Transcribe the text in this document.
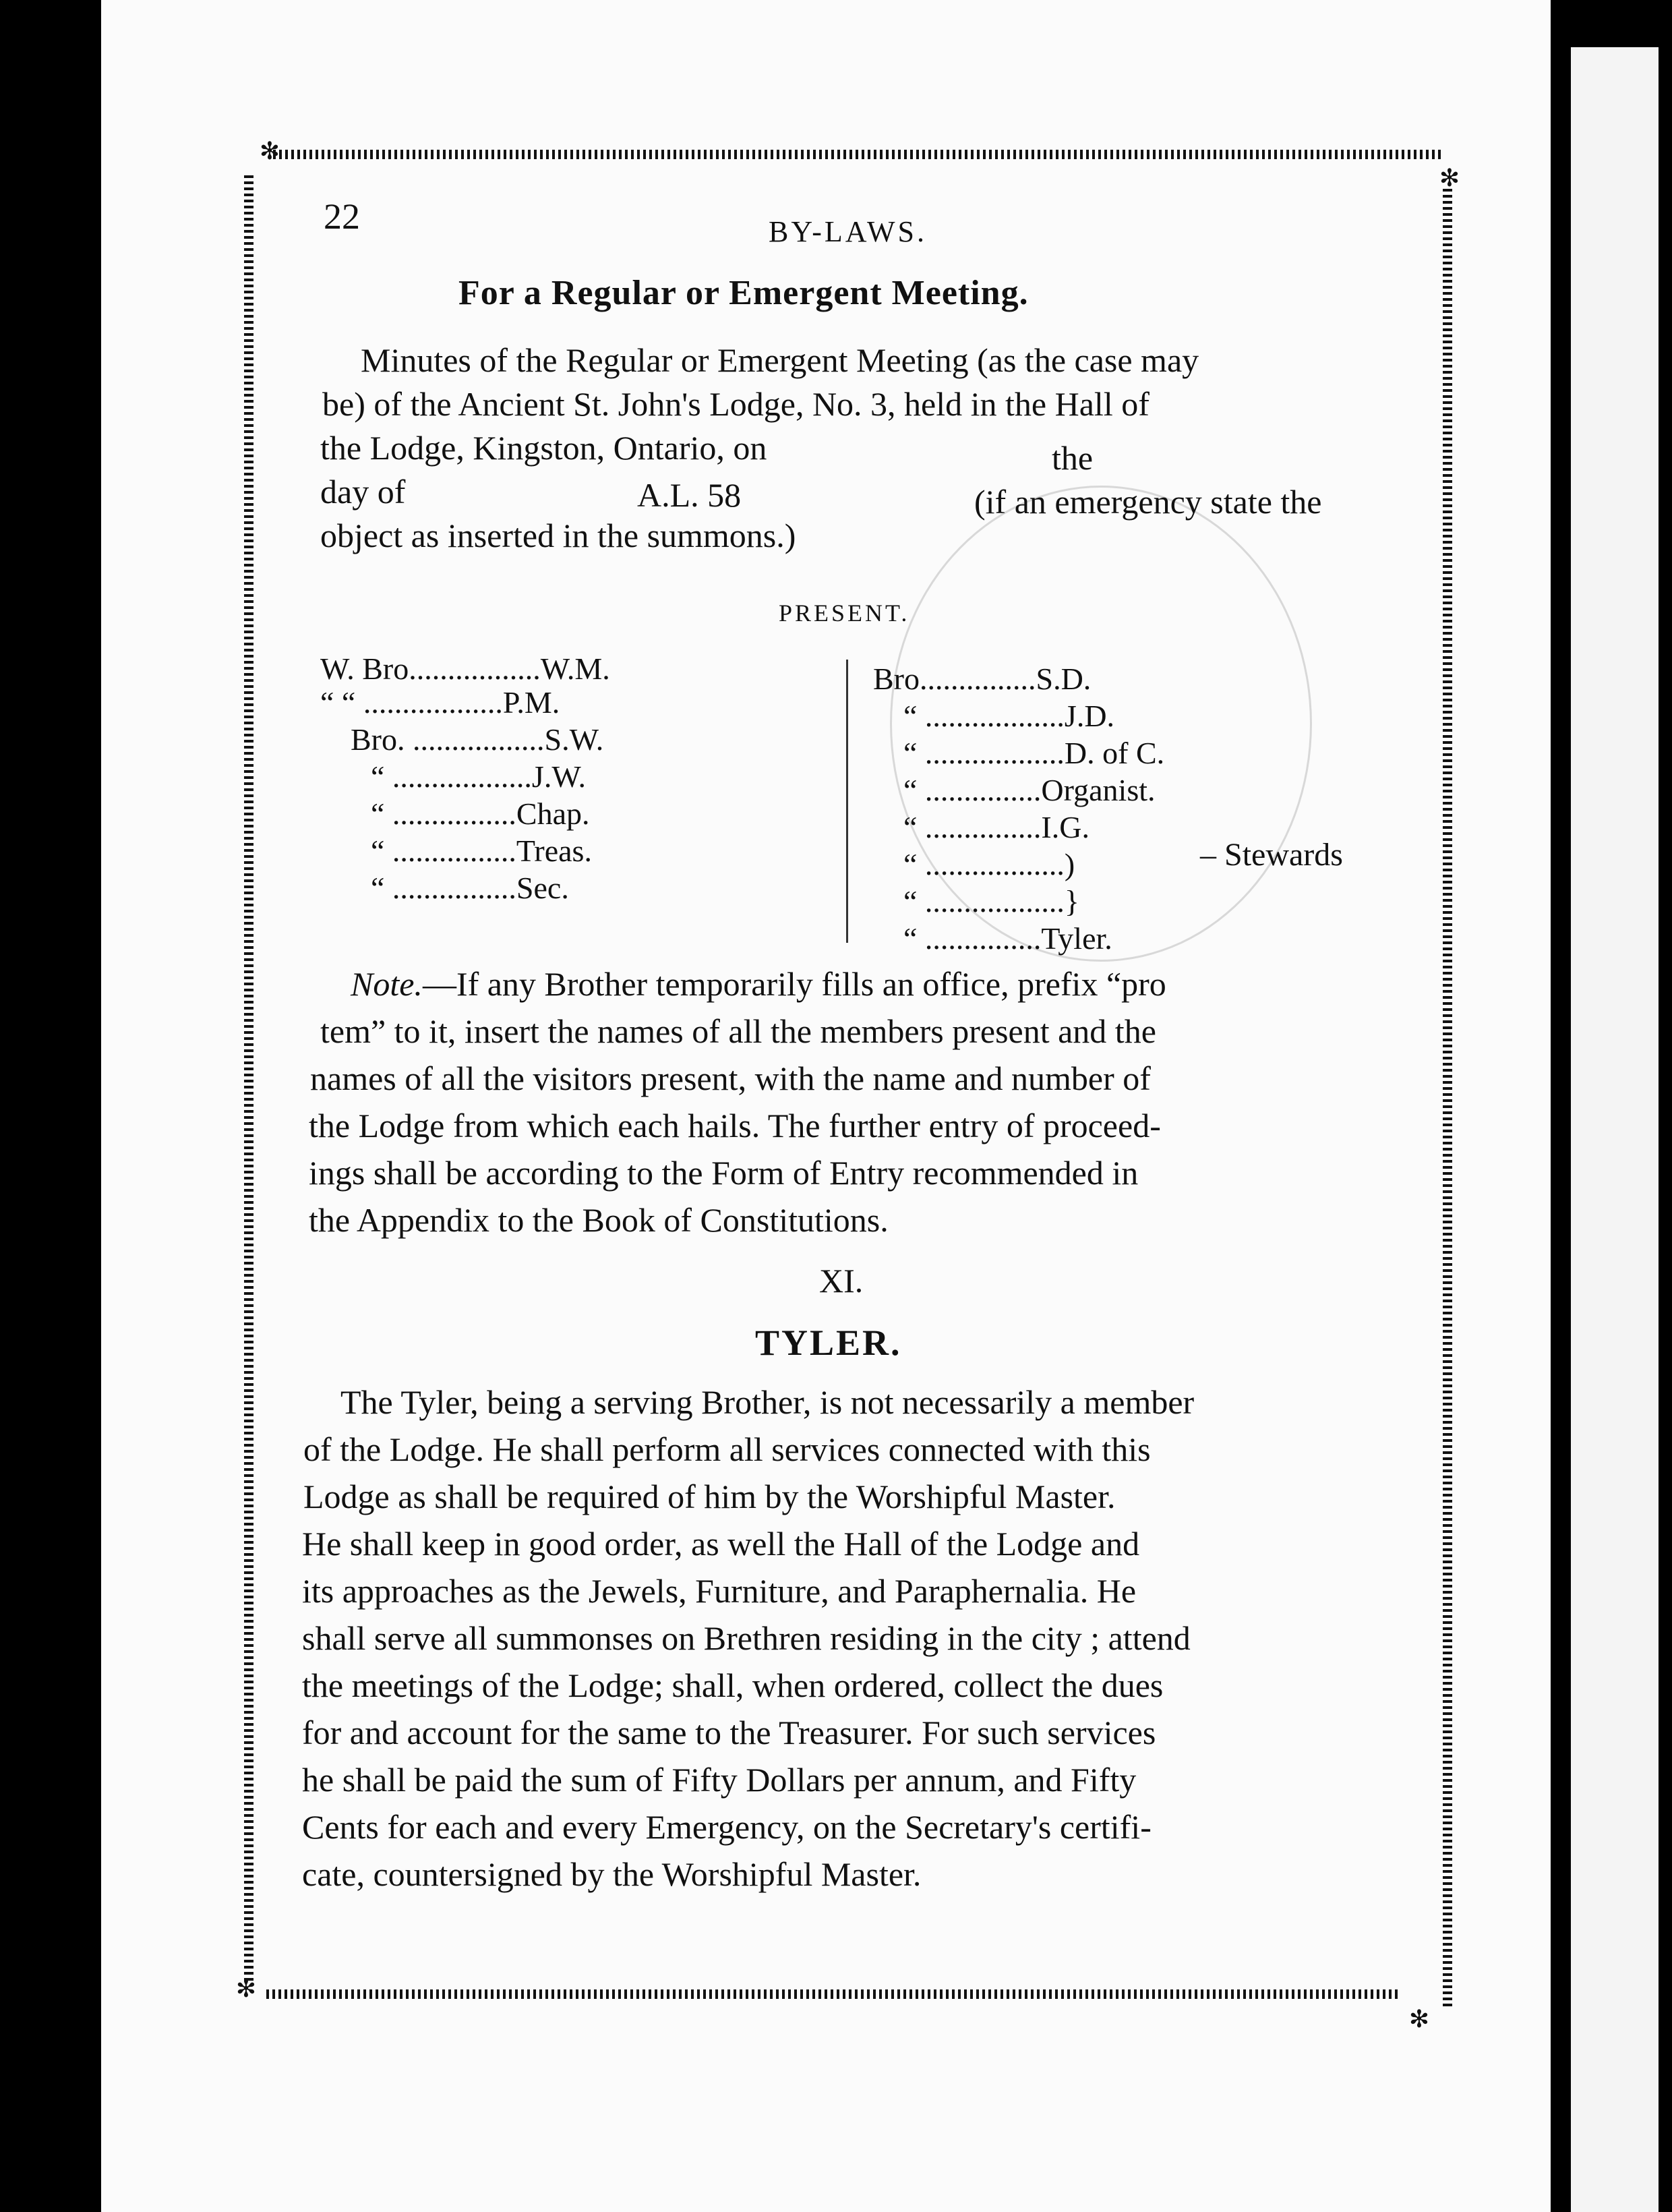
✻
✻
✻
✻
22	BY-LAWS.
For a Regular or Emergent Meeting.
Minutes of the Regular or Emergent Meeting (as the case may
be) of the Ancient St. John's Lodge, No. 3, held in the Hall of
the Lodge, Kingston, Ontario, on	the
day of	A.L. 58	(if an emergency state the
object as inserted in the summons.)
PRESENT.
W. Bro.................W.M.
“ “ ..................P.M.
Bro. .................S.W.
“ ..................J.W.
“ ................Chap.
“ ................Treas.
“ ................Sec.
Bro...............S.D.
“ ..................J.D.
“ ..................D. of C.
“ ...............Organist.
“ ...............I.G.
“ ..................)
“ ..................}
“ ...............Tyler.
– Stewards
Note.—If any Brother temporarily fills an office, prefix “pro
tem” to it, insert the names of all the members present and the
names of all the visitors present, with the name and number of
the Lodge from which each hails. The further entry of proceed-
ings shall be according to the Form of Entry recommended in
the Appendix to the Book of Constitutions.
XI.
TYLER.
The Tyler, being a serving Brother, is not necessarily a member
of the Lodge. He shall perform all services connected with this
Lodge as shall be required of him by the Worshipful Master.
He shall keep in good order, as well the Hall of the Lodge and
its approaches as the Jewels, Furniture, and Paraphernalia. He
shall serve all summonses on Brethren residing in the city ; attend
the meetings of the Lodge; shall, when ordered, collect the dues
for and account for the same to the Treasurer. For such services
he shall be paid the sum of Fifty Dollars per annum, and Fifty
Cents for each and every Emergency, on the Secretary's certifi-
cate, countersigned by the Worshipful Master.
